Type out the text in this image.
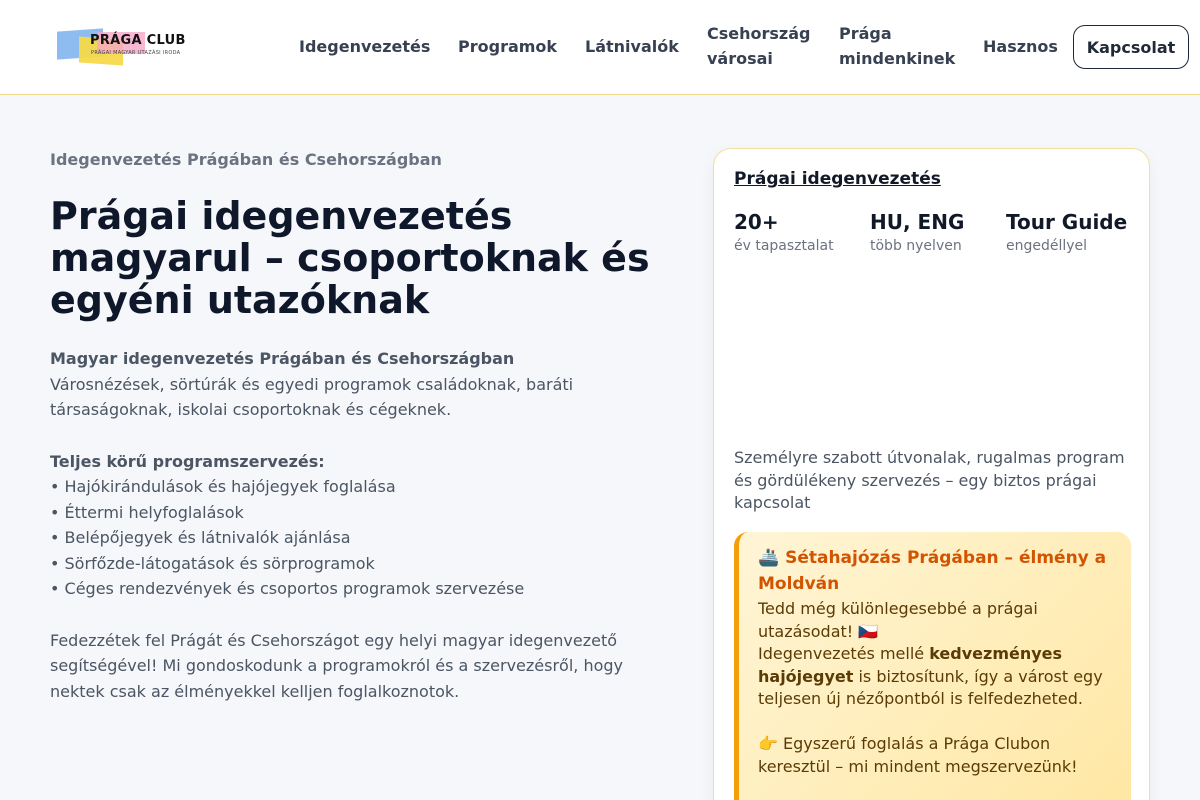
PRÁGA CLUB
PRÁGAI MAGYAR UTAZÁSI IRODA	Idegenvezetés Programok Látnivalók
Csehország városai
Prága mindenkinek
Hasznos	Kapcsolat
Idegenvezetés Prágában és Csehországban
Prágai idegenvezetés magyarul – csoportoknak és egyéni utazóknak
Magyar idegenvezetés Prágában és Csehországban
Városnézések, sörtúrák és egyedi programok családoknak, baráti társaságoknak, iskolai csoportoknak és cégeknek.
Teljes körű programszervezés:
• Hajókirándulások és hajójegyek foglalása
• Éttermi helyfoglalások
• Belépőjegyek és látnivalók ajánlása
• Sörfőzde-látogatások és sörprogramok
• Céges rendezvények és csoportos programok szervezése
Fedezzétek fel Prágát és Csehországot egy helyi magyar idegenvezető segítségével! Mi gondoskodunk a programokról és a szervezésről, hogy nektek csak az élményekkel kelljen foglalkoznotok.
Prágai idegenvezetés
20+
év tapasztalat
HU, ENG
több nyelven
Tour Guide
engedéllyel
Személyre szabott útvonalak, rugalmas program és gördülékeny szervezés – egy biztos prágai kapcsolat
🚢 Sétahajózás Prágában – élmény a Moldván
Tedd még különlegesebbé a prágai utazásodat! 🇨🇿
Idegenvezetés mellé kedvezményes hajójegyet is biztosítunk, így a várost egy teljesen új nézőpontból is felfedezheted.

👉 Egyszerű foglalás a Prága Clubon keresztül – mi mindent megszervezünk!
